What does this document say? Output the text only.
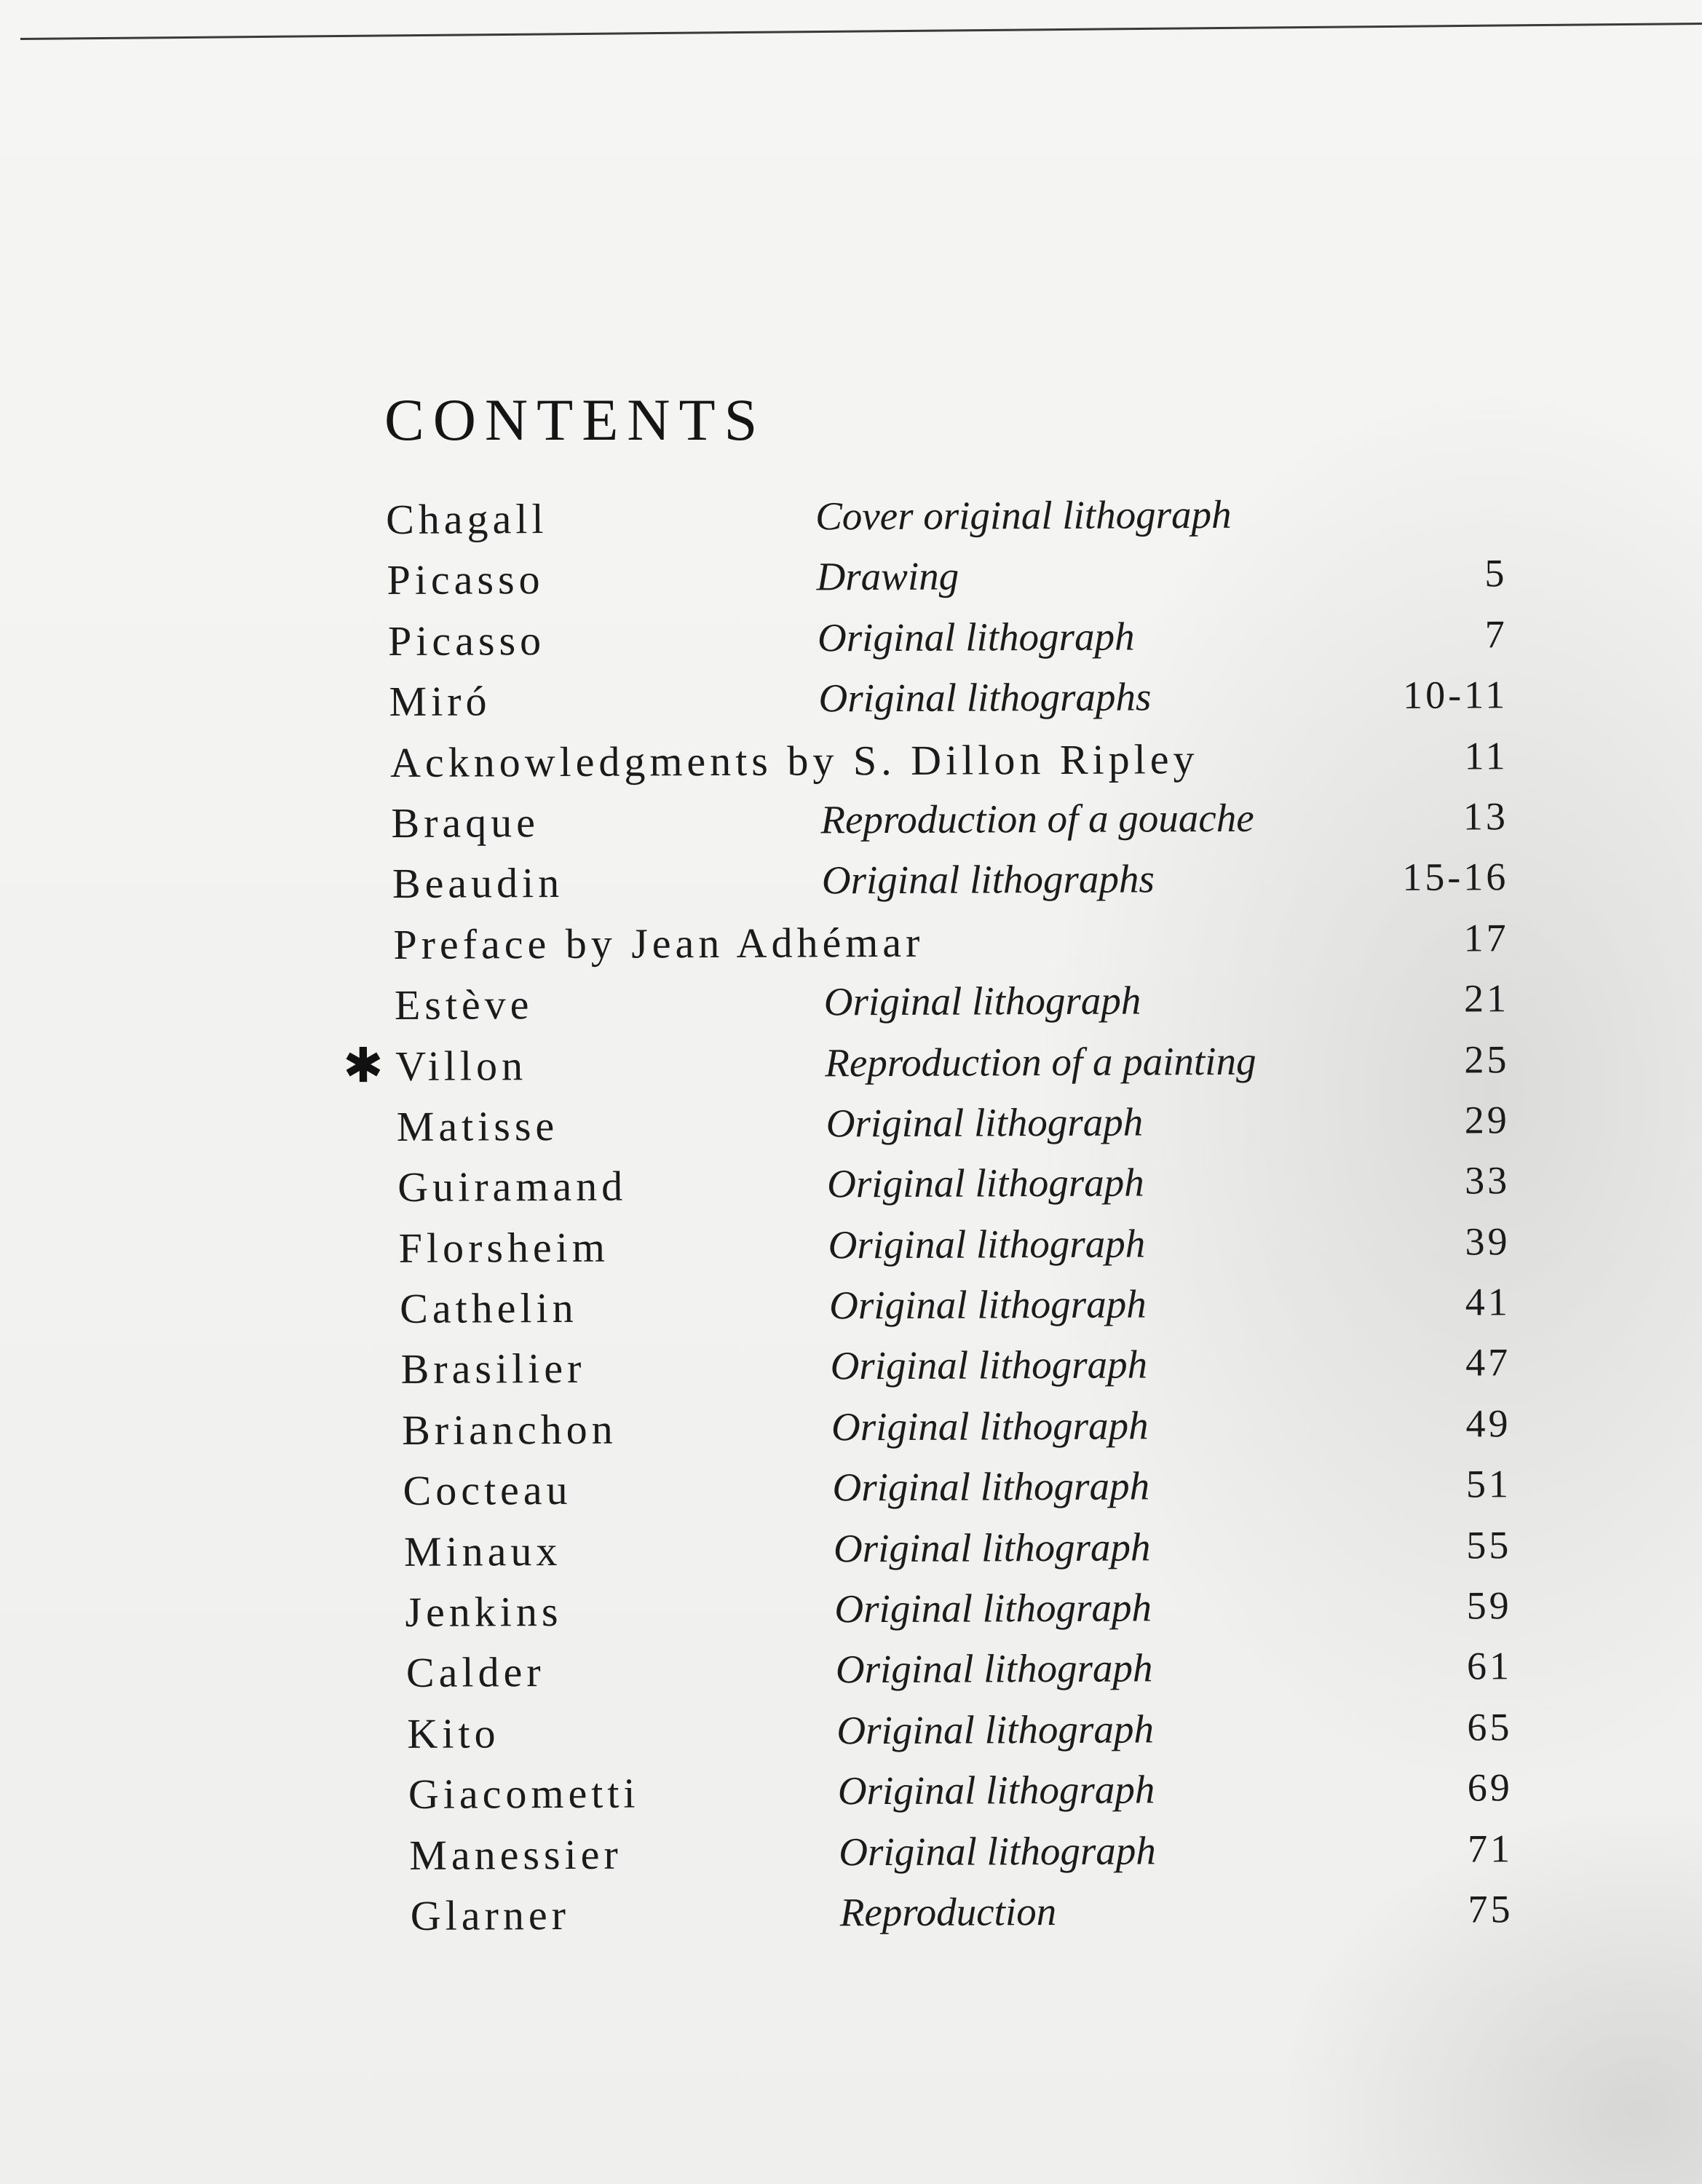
CONTENTS
Chagall	Cover original lithograph
Picasso	Drawing	5
Picasso	Original lithograph	7
Miró	Original lithographs	10-11
Acknowledgments by S. Dillon Ripley	11
Braque	Reproduction of a gouache	13
Beaudin	Original lithographs	15-16
Preface by Jean Adhémar	17
Estève	Original lithograph	21
✱ Villon	Reproduction of a painting	25
Matisse	Original lithograph	29
Guiramand	Original lithograph	33
Florsheim	Original lithograph	39
Cathelin	Original lithograph	41
Brasilier	Original lithograph	47
Brianchon	Original lithograph	49
Cocteau	Original lithograph	51
Minaux	Original lithograph	55
Jenkins	Original lithograph	59
Calder	Original lithograph	61
Kito	Original lithograph	65
Giacometti	Original lithograph	69
Manessier	Original lithograph	71
Glarner	Reproduction	75
